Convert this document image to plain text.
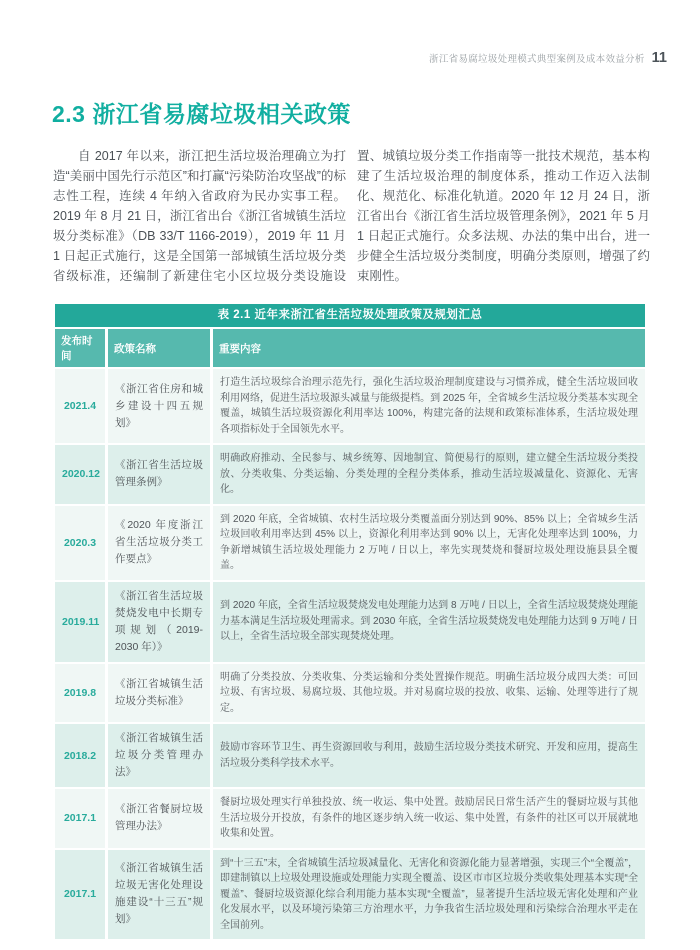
浙江省易腐垃圾处理模式典型案例及成本效益分析 11
2.3 浙江省易腐垃圾相关政策

自 2017 年以来，浙江把生活垃圾治理确立为打造“美丽中国先行示范区”和打赢“污染防治攻坚战”的标志性工程，连续 4 年纳入省政府为民办实事工程。2019 年 8 月 21 日，浙江省出台《浙江省城镇生活垃圾分类标准》（DB 33/T 1166-2019），2019 年 11 月 1 日起正式施行，这是全国第一部城镇生活垃圾分类省级标准，还编制了新建住宅小区垃圾分类设施设置、城镇垃圾分类工作指南等一批技术规范，基本构建了生活垃圾治理的制度体系，推动工作迈入法制化、规范化、标准化轨道。2020 年 12 月 24 日，浙江省出台《浙江省生活垃圾管理条例》，2021 年 5 月 1 日起正式施行。众多法规、办法的集中出台，进一步健全生活垃圾分类制度，明确分类原则，增强了约束刚性。

表 2.1 近年来浙江省生活垃圾处理政策及规划汇总
发布时间	政策名称	重要内容
2021.4	《浙江省住房和城乡建设十四五规划》	打造生活垃圾综合治理示范先行，强化生活垃圾治理制度建设与习惯养成，健全生活垃圾回收利用网络，促进生活垃圾源头减量与能级提档。到 2025 年，全省城乡生活垃圾分类基本实现全覆盖，城镇生活垃圾资源化利用率达 100%，构建完备的法规和政策标准体系，生活垃圾处理各项指标处于全国领先水平。
2020.12	《浙江省生活垃圾管理条例》	明确政府推动、全民参与、城乡统筹、因地制宜、简便易行的原则，建立健全生活垃圾分类投放、分类收集、分类运输、分类处理的全程分类体系，推动生活垃圾减量化、资源化、无害化。
2020.3	《2020 年度浙江省生活垃圾分类工作要点》	到 2020 年底，全省城镇、农村生活垃圾分类覆盖面分别达到 90%、85% 以上；全省城乡生活垃圾回收利用率达到 45% 以上，资源化利用率达到 90% 以上，无害化处理率达到 100%，力争新增城镇生活垃圾处理能力 2 万吨 / 日以上，率先实现焚烧和餐厨垃圾处理设施县县全覆盖。
2019.11	《浙江省生活垃圾焚烧发电中长期专项规划（2019-2030 年）》	到 2020 年底，全省生活垃圾焚烧发电处理能力达到 8 万吨 / 日以上，全省生活垃圾焚烧处理能力基本满足生活垃圾处理需求。到 2030 年底，全省生活垃圾焚烧发电处理能力达到 9 万吨 / 日以上，全省生活垃圾全部实现焚烧处理。
2019.8	《浙江省城镇生活垃圾分类标准》	明确了分类投放、分类收集、分类运输和分类处置操作规范。明确生活垃圾分成四大类：可回垃圾、有害垃圾、易腐垃圾、其他垃圾。并对易腐垃圾的投放、收集、运输、处理等进行了规定。
2018.2	《浙江省城镇生活垃圾分类管理办法》	鼓励市容环节卫生、再生资源回收与利用，鼓励生活垃圾分类技术研究、开发和应用，提高生活垃圾分类科学技术水平。
2017.1	《浙江省餐厨垃圾管理办法》	餐厨垃圾处理实行单独投放、统一收运、集中处置。鼓励居民日常生活产生的餐厨垃圾与其他生活垃圾分开投放，有条件的地区逐步纳入统一收运、集中处置，有条件的社区可以开展就地收集和处置。
2017.1	《浙江省城镇生活垃圾无害化处理设施建设“十三五”规划》	到“十三五”末，全省城镇生活垃圾减量化、无害化和资源化能力显著增强，实现三个“全覆盖”，即建制镇以上垃圾处理设施或处理能力实现全覆盖、设区市市区垃圾分类收集处理基本实现“全覆盖”、餐厨垃圾资源化综合利用能力基本实现“全覆盖”，显著提升生活垃圾无害化处理和产业化发展水平，以及环境污染第三方治理水平，力争我省生活垃圾处理和污染综合治理水平走在全国前列。
